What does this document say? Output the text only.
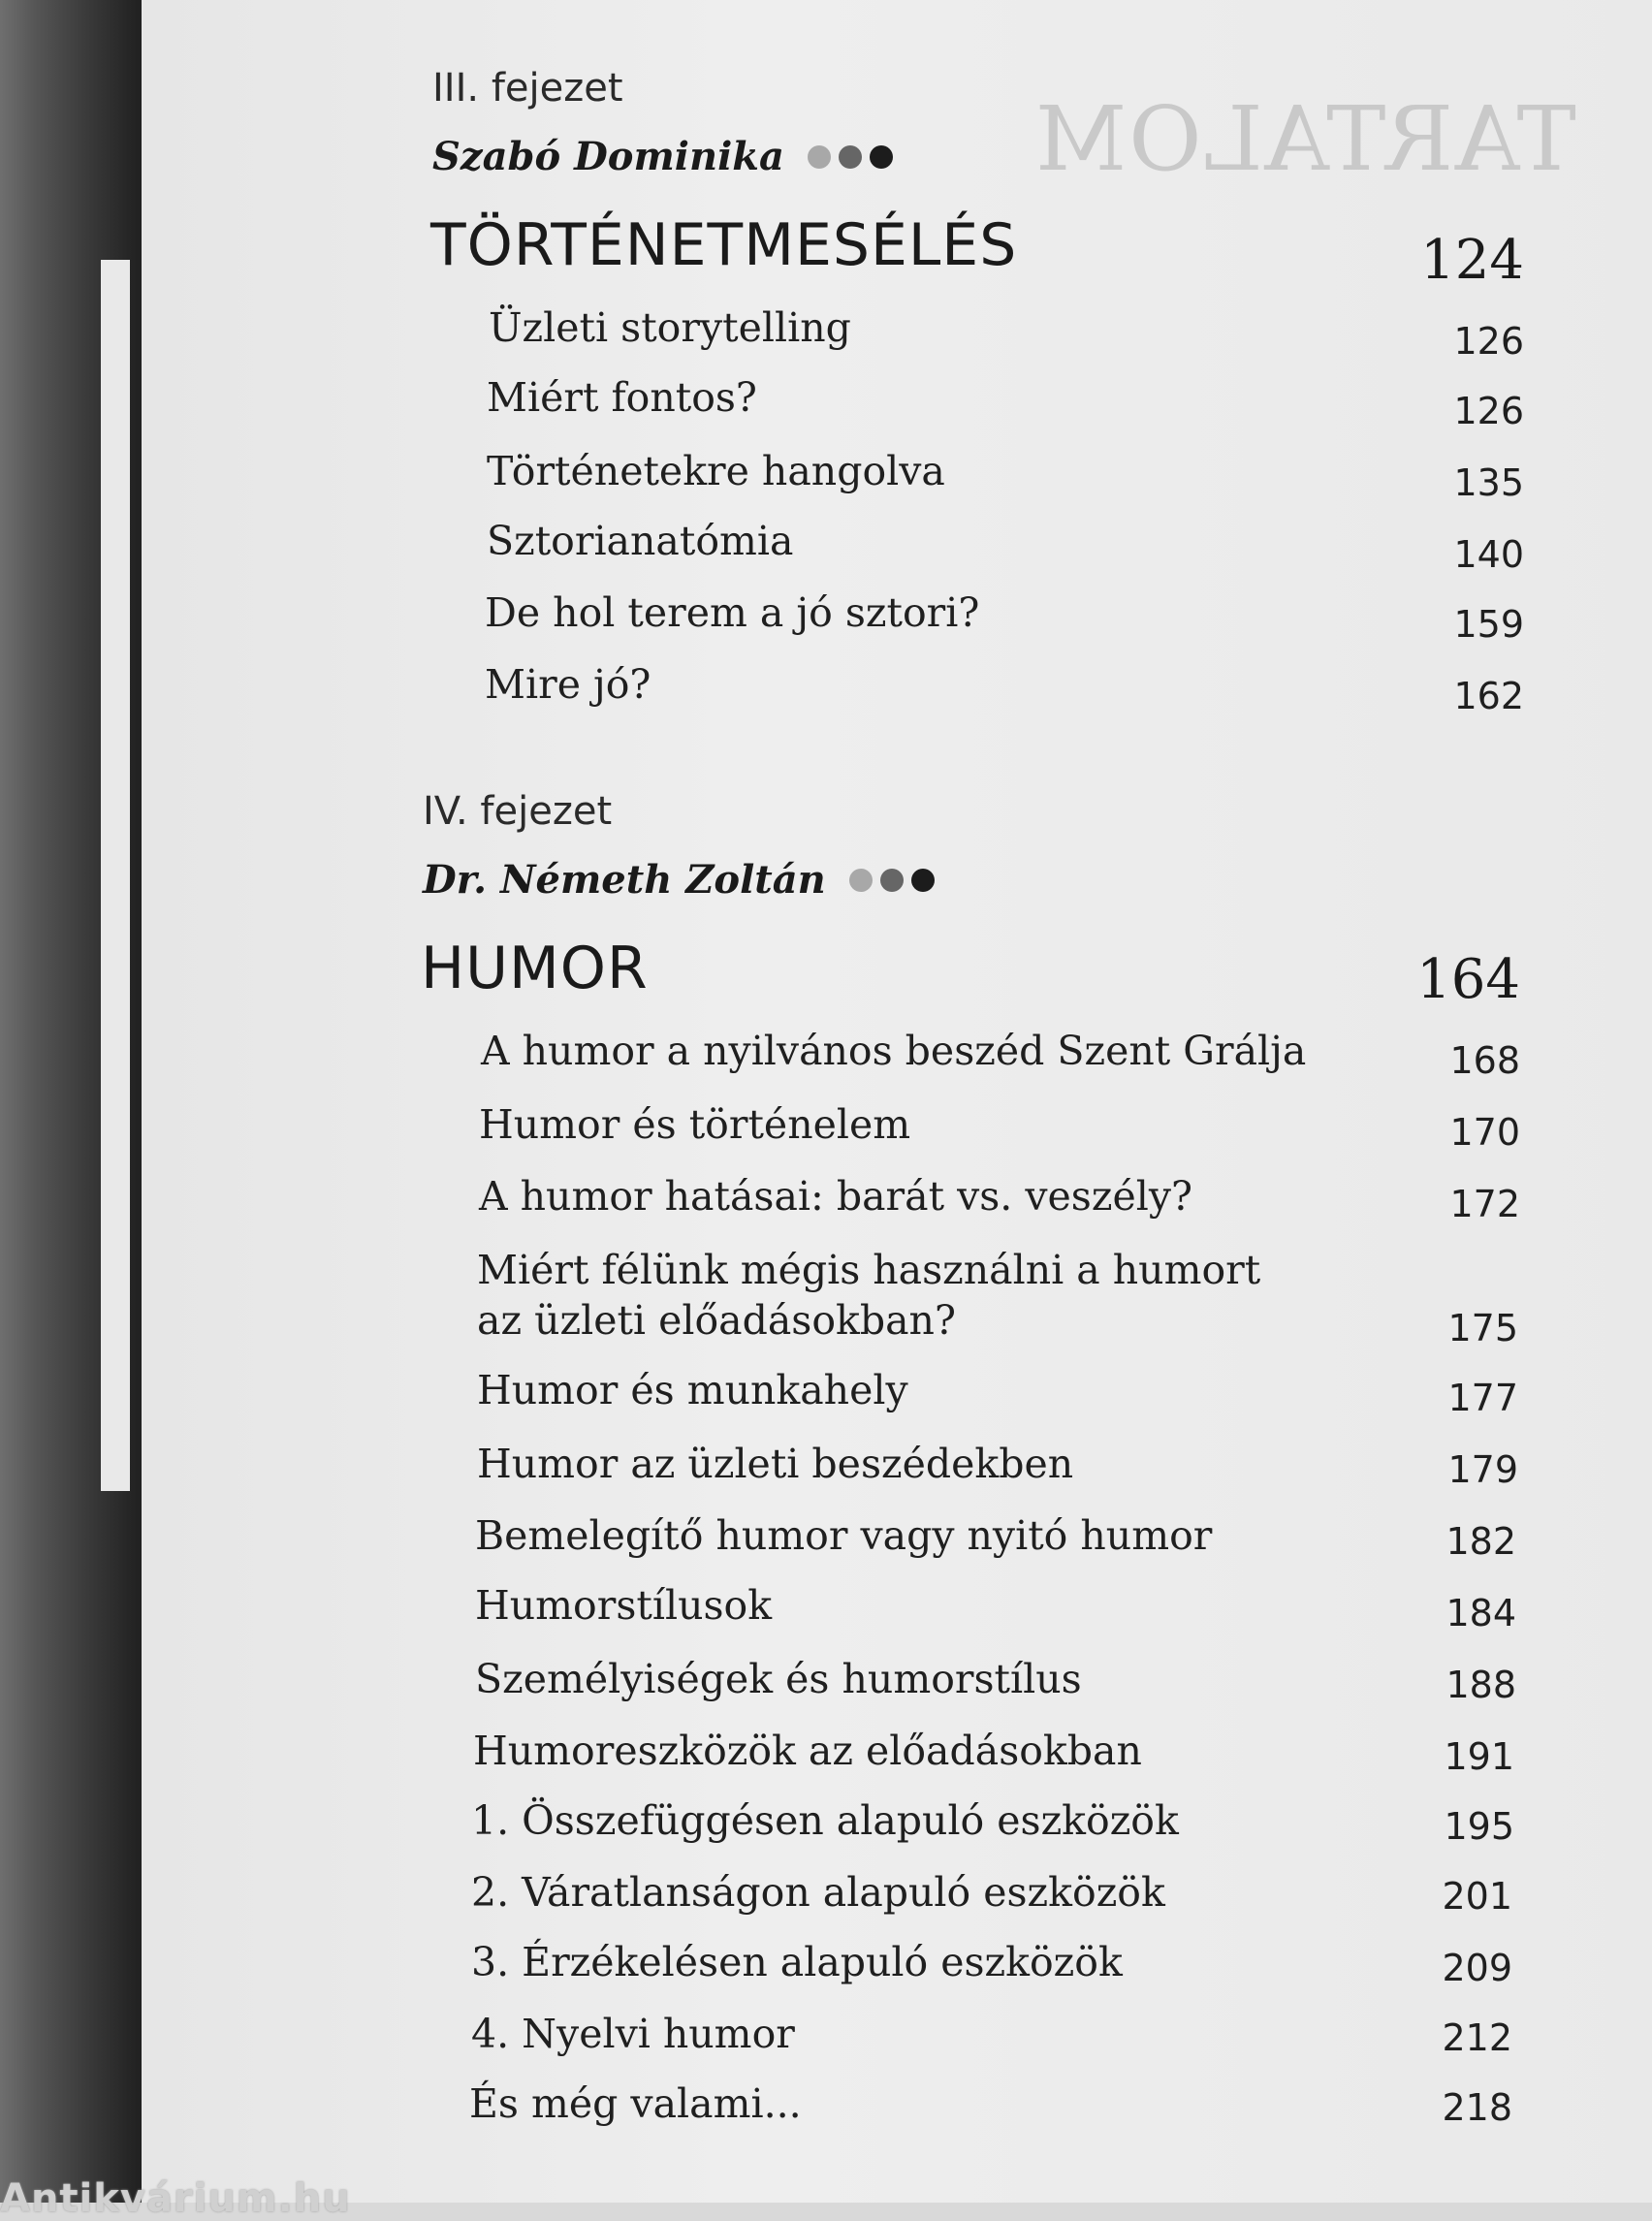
TARTALOM
III. fejezet
Szabó Dominika
TÖRTÉNETMESÉLÉS	124
Üzleti storytelling	126
Miért fontos?	126
Történetekre hangolva	135
Sztorianatómia	140
De hol terem a jó sztori?	159
Mire jó?	162
IV. fejezet
Dr. Németh Zoltán
HUMOR	164
A humor a nyilvános beszéd Szent Grálja	168
Humor és történelem	170
A humor hatásai: barát vs. veszély?	172
Miért félünk mégis használni a humort
az üzleti előadásokban?	175
Humor és munkahely	177
Humor az üzleti beszédekben	179
Bemelegítő humor vagy nyitó humor	182
Humorstílusok	184
Személyiségek és humorstílus	188
Humoreszközök az előadásokban	191
1. Összefüggésen alapuló eszközök	195
2. Váratlanságon alapuló eszközök	201
3. Érzékelésen alapuló eszközök	209
4. Nyelvi humor	212
És még valami...	218
Antikvárium.hu
